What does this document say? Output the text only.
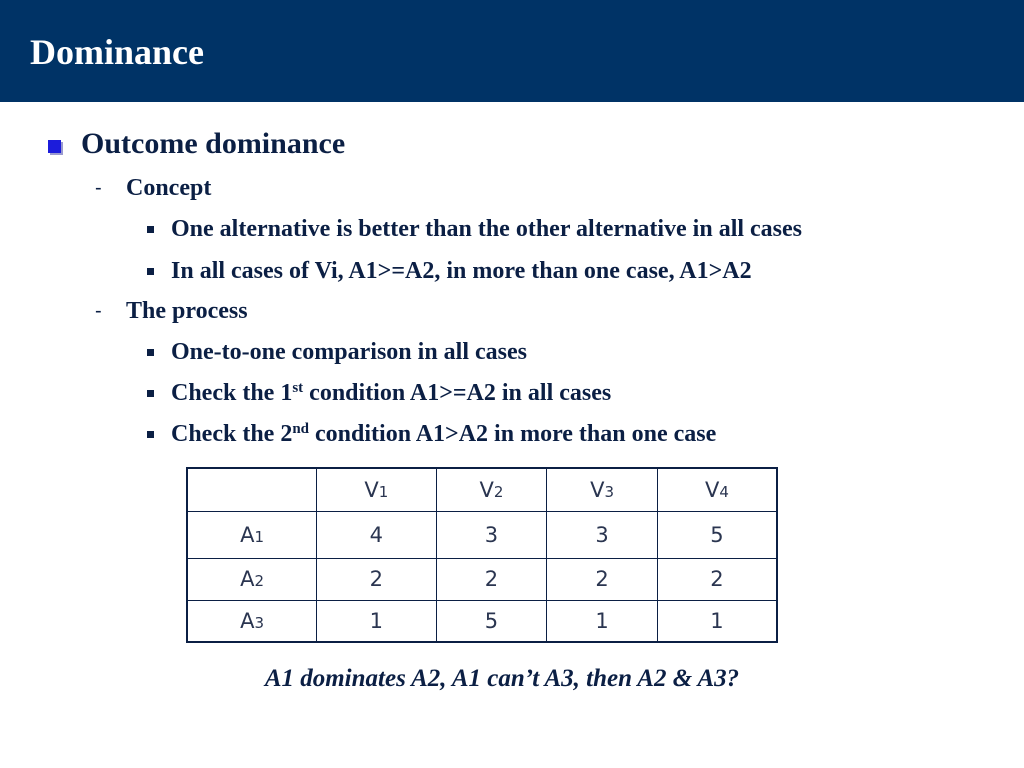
Dominance
Outcome dominance
-	Concept
One alternative is better than the other alternative in all cases
In all cases of Vi, A1>=A2, in more than one case, A1>A2
-	The process
One-to-one comparison in all cases
Check the 1st condition A1>=A2 in all cases
Check the 2nd condition A1>A2 in more than one case
	V1	V2	V3	V4
A1	4	3	3	5
A2	2	2	2	2
A3	1	5	1	1
A1 dominates A2, A1 can’t A3, then A2 & A3?
